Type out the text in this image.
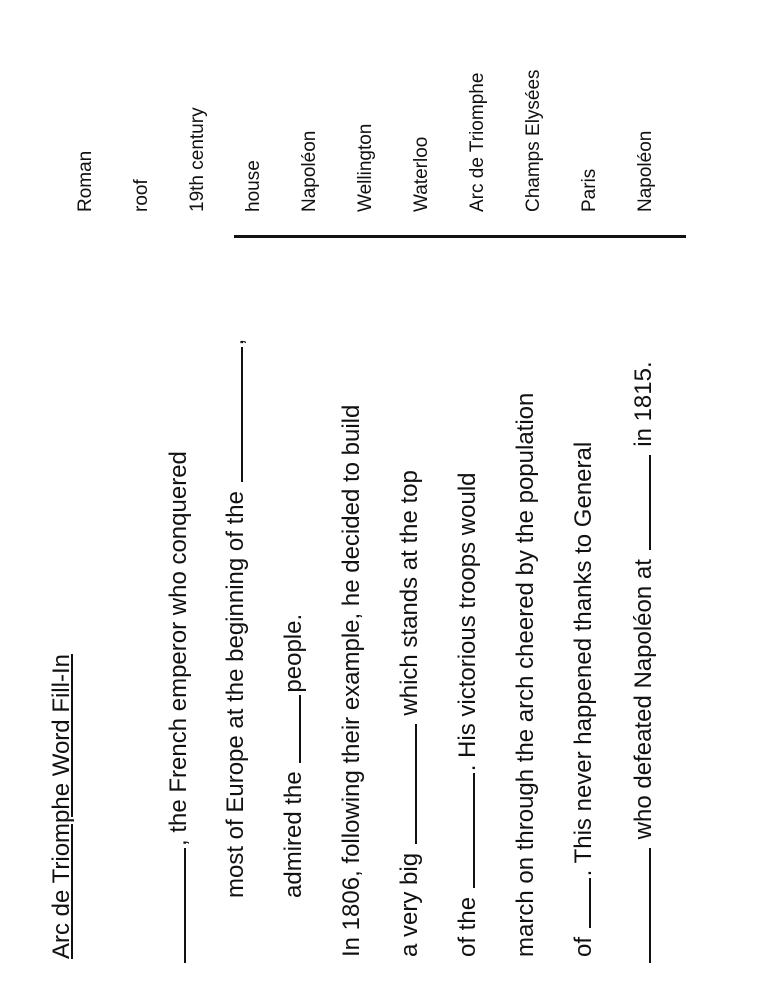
Arc de Triomphe Word Fill-In	, the French emperor who conquered most of Europe at the beginning of the ,
admired the people. In 1806, following their example, he decided to build a very big  which stands at the top
of the . His victorious troops would march on through the arch cheered by the population of . This never happened thanks to General who defeated Napoléon at  in 1815.
Roman roof 19th century house Napoléon Wellington Waterloo Arc de Triomphe Champs Elysées Paris Napoléon
